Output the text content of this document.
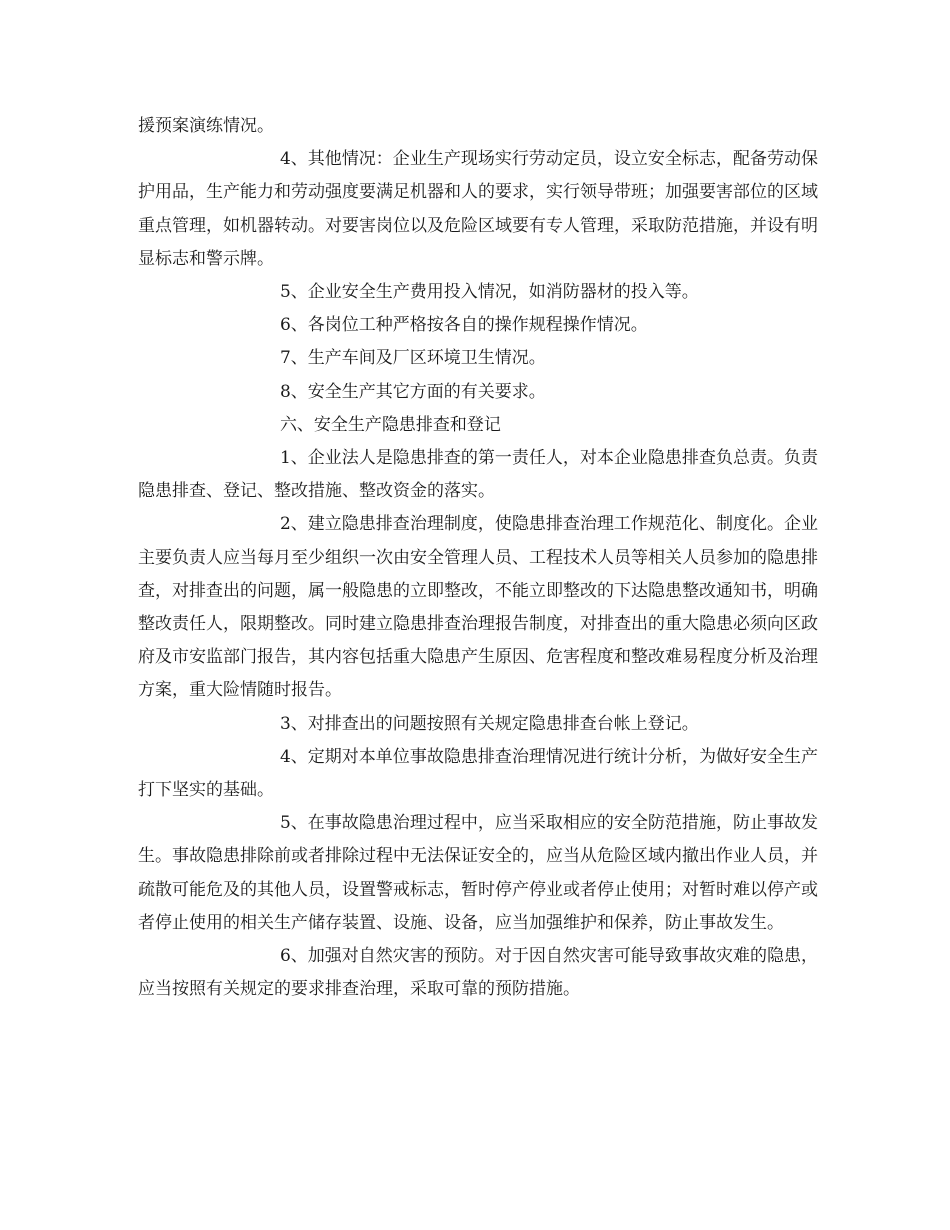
援预案演练情况。

4、其他情况：企业生产现场实行劳动定员，设立安全标志，配备劳动保护用品，生产能力和劳动强度要满足机器和人的要求，实行领导带班；加强要害部位的区域重点管理，如机器转动。对要害岗位以及危险区域要有专人管理，采取防范措施，并设有明显标志和警示牌。

5、企业安全生产费用投入情况，如消防器材的投入等。

6、各岗位工种严格按各自的操作规程操作情况。

7、生产车间及厂区环境卫生情况。

8、安全生产其它方面的有关要求。

六、安全生产隐患排查和登记

1、企业法人是隐患排查的第一责任人，对本企业隐患排查负总责。负责隐患排查、登记、整改措施、整改资金的落实。

2、建立隐患排查治理制度，使隐患排查治理工作规范化、制度化。企业主要负责人应当每月至少组织一次由安全管理人员、工程技术人员等相关人员参加的隐患排查，对排查出的问题，属一般隐患的立即整改，不能立即整改的下达隐患整改通知书，明确整改责任人，限期整改。同时建立隐患排查治理报告制度，对排查出的重大隐患必须向区政府及市安监部门报告，其内容包括重大隐患产生原因、危害程度和整改难易程度分析及治理方案，重大险情随时报告。

3、对排查出的问题按照有关规定隐患排查台帐上登记。

4、定期对本单位事故隐患排查治理情况进行统计分析，为做好安全生产打下坚实的基础。

5、在事故隐患治理过程中，应当采取相应的安全防范措施，防止事故发生。事故隐患排除前或者排除过程中无法保证安全的，应当从危险区域内撤出作业人员，并疏散可能危及的其他人员，设置警戒标志，暂时停产停业或者停止使用；对暂时难以停产或者停止使用的相关生产储存装置、设施、设备，应当加强维护和保养，防止事故发生。

6、加强对自然灾害的预防。对于因自然灾害可能导致事故灾难的隐患，应当按照有关规定的要求排查治理，采取可靠的预防措施。
